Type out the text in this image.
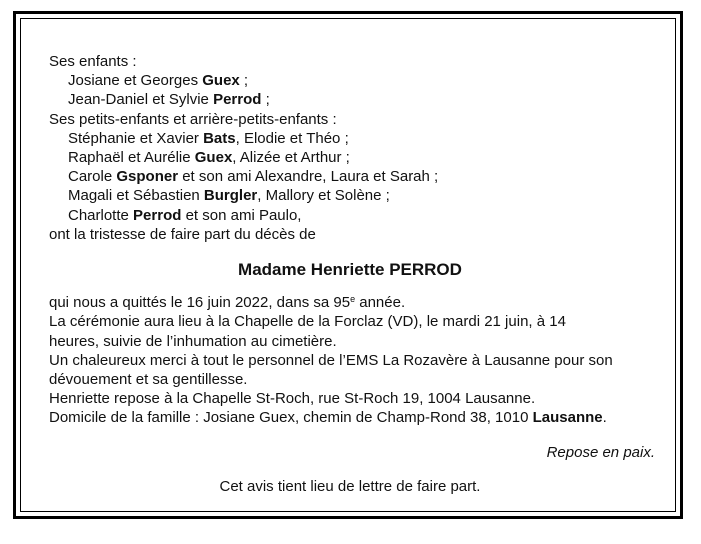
Ses enfants :
Josiane et Georges Guex ;
Jean-Daniel et Sylvie Perrod ;
Ses petits-enfants et arrière-petits-enfants :
Stéphanie et Xavier Bats, Elodie et Théo ;
Raphaël et Aurélie Guex, Alizée et Arthur ;
Carole Gsponer et son ami Alexandre, Laura et Sarah ;
Magali et Sébastien Burgler, Mallory et Solène ;
Charlotte Perrod et son ami Paulo,
ont la tristesse de faire part du décès de
Madame Henriette PERROD
qui nous a quittés le 16 juin 2022, dans sa 95e année.
La cérémonie aura lieu à la Chapelle de la Forclaz (VD), le mardi 21 juin, à 14
heures, suivie de l’inhumation au cimetière.
Un chaleureux merci à tout le personnel de l’EMS La Rozavère à Lausanne pour son
dévouement et sa gentillesse.
Henriette repose à la Chapelle St-Roch, rue St-Roch 19, 1004 Lausanne.
Domicile de la famille : Josiane Guex, chemin de Champ-Rond 38, 1010 Lausanne.
Repose en paix.
Cet avis tient lieu de lettre de faire part.
